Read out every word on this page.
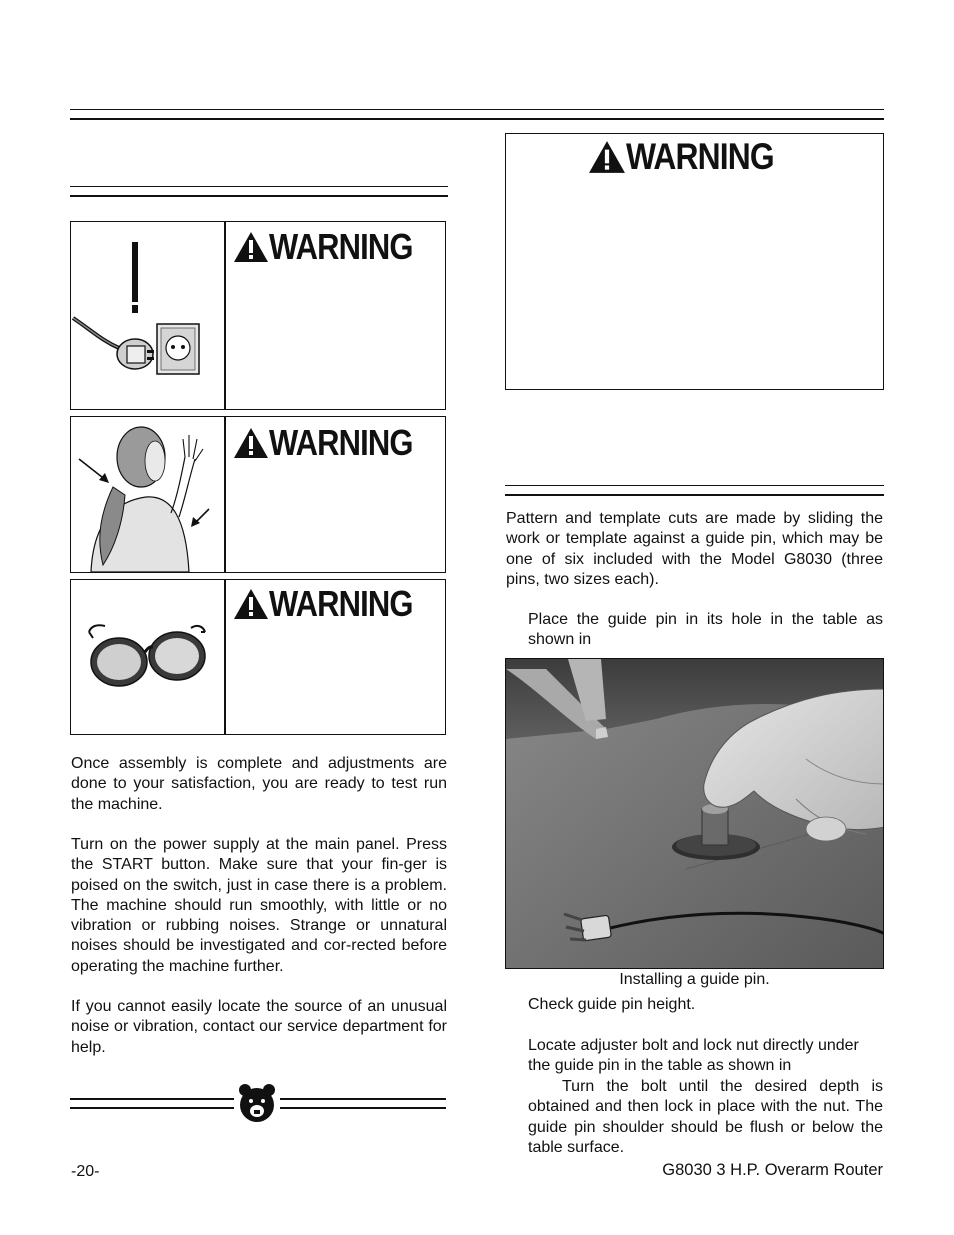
WARNING
WARNING
WARNING
Once assembly is complete and adjustments are done to your satisfaction, you are ready to test run the machine.
Turn on the power supply at the main panel. Press the START button. Make sure that your fin-ger is poised on the switch, just in case there is a problem. The machine should run smoothly, with little or no vibration or rubbing noises. Strange or unnatural noises should be investigated and cor-rected before operating the machine further.
If you cannot easily locate the source of an unusual noise or vibration, contact our service department for help.
-20-
WARNING
Pattern and template cuts are made by sliding the work or template against a guide pin, which may be one of six included with the Model G8030 (three pins, two sizes each).
Place the guide pin in its hole in the table as shown in
Installing a guide pin.
Check guide pin height.
Locate adjuster bolt and lock nut directly under the guide pin in the table as shown in
Turn the bolt until the desired depth is obtained and then lock in place with the nut. The guide pin shoulder should be flush or below the table surface.
G8030 3 H.P. Overarm Router
